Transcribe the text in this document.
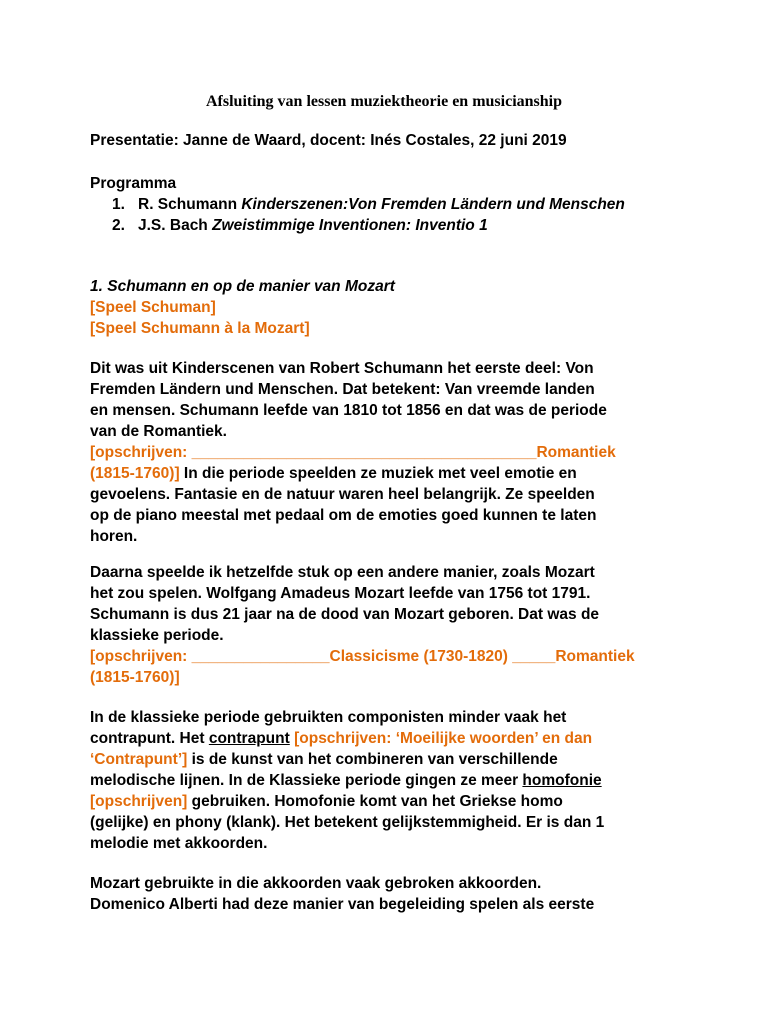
Afsluiting van lessen muziektheorie en musicianship
Presentatie: Janne de Waard, docent: Inés Costales, 22 juni 2019
Programma
1. R. Schumann Kinderszenen:Von Fremden Ländern und Menschen
2. J.S. Bach Zweistimmige Inventionen: Inventio 1
1. Schumann en op de manier van Mozart
[Speel Schuman]
[Speel Schumann à la Mozart]
Dit was uit Kinderscenen van Robert Schumann het eerste deel: Von
Fremden Ländern und Menschen. Dat betekent: Van vreemde landen
en mensen. Schumann leefde van 1810 tot 1856 en dat was de periode
van de Romantiek.
[opschrijven: ________________________________________Romantiek
(1815-1760)] In die periode speelden ze muziek met veel emotie en
gevoelens. Fantasie en de natuur waren heel belangrijk. Ze speelden
op de piano meestal met pedaal om de emoties goed kunnen te laten
horen.
Daarna speelde ik hetzelfde stuk op een andere manier, zoals Mozart
het zou spelen. Wolfgang Amadeus Mozart leefde van 1756 tot 1791.
Schumann is dus 21 jaar na de dood van Mozart geboren. Dat was de
klassieke periode.
[opschrijven: ________________Classicisme (1730-1820) _____Romantiek
(1815-1760)]
In de klassieke periode gebruikten componisten minder vaak het
contrapunt. Het contrapunt [opschrijven: ‘Moeilijke woorden’ en dan
‘Contrapunt’] is de kunst van het combineren van verschillende
melodische lijnen. In de Klassieke periode gingen ze meer homofonie
[opschrijven] gebruiken. Homofonie komt van het Griekse homo
(gelijke) en phony (klank). Het betekent gelijkstemmigheid. Er is dan 1
melodie met akkoorden.
Mozart gebruikte in die akkoorden vaak gebroken akkoorden.
Domenico Alberti had deze manier van begeleiding spelen als eerste
